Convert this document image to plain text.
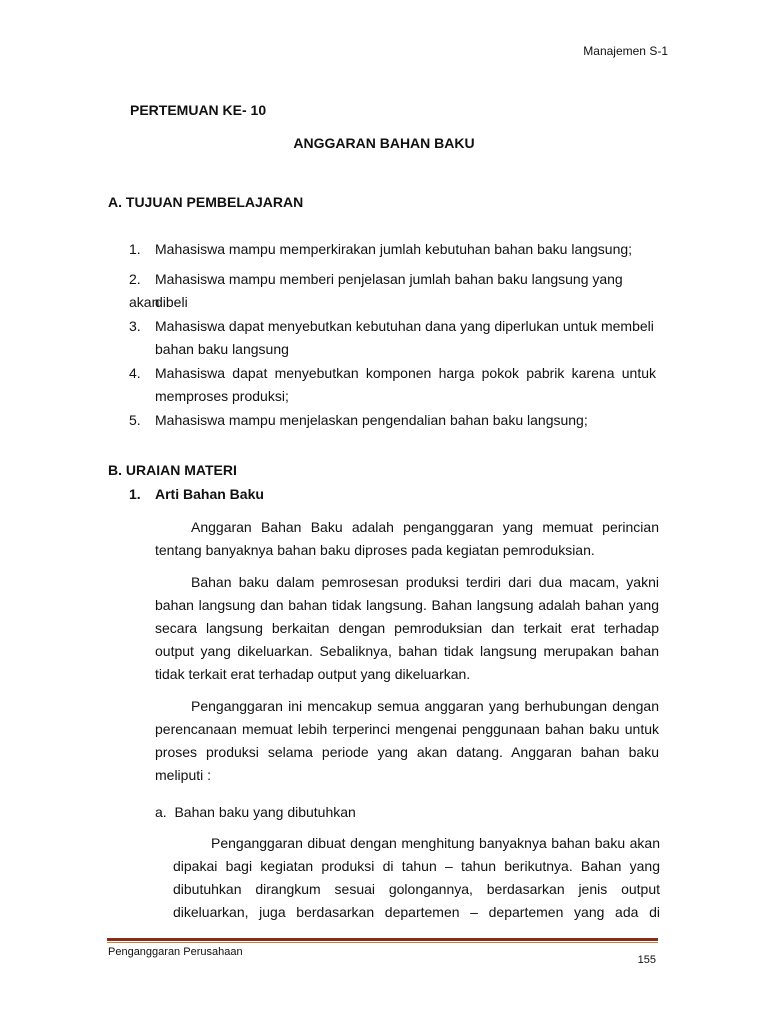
Manajemen S-1
PERTEMUAN KE- 10
ANGGARAN BAHAN BAKU
A. TUJUAN PEMBELAJARAN
1. Mahasiswa mampu memperkirakan jumlah kebutuhan bahan baku langsung;
2. Mahasiswa mampu memberi penjelasan jumlah bahan baku langsung yang akan
dibeli
3. Mahasiswa dapat menyebutkan kebutuhan dana yang diperlukan untuk membeli
bahan baku langsung
4.	Mahasiswa dapat menyebutkan komponen harga pokok pabrik karena untuk
memproses produksi;
5. Mahasiswa mampu menjelaskan pengendalian bahan baku langsung;
B. URAIAN MATERI
1. Arti Bahan Baku
Anggaran Bahan Baku adalah penganggaran yang memuat perincian
tentang banyaknya bahan baku diproses pada kegiatan pemroduksian.
Bahan baku dalam pemrosesan produksi terdiri dari dua macam, yakni
bahan langsung dan bahan tidak langsung. Bahan langsung adalah bahan yang
secara langsung berkaitan dengan pemroduksian dan terkait erat terhadap
output yang dikeluarkan. Sebaliknya, bahan tidak langsung merupakan bahan
tidak terkait erat terhadap output yang dikeluarkan.
Penganggaran ini mencakup semua anggaran yang berhubungan dengan
perencanaan memuat lebih terperinci mengenai penggunaan bahan baku untuk
proses produksi selama periode yang akan datang. Anggaran bahan baku
meliputi :
a.  Bahan baku yang dibutuhkan
Penganggaran dibuat dengan menghitung banyaknya bahan baku akan
dipakai bagi kegiatan produksi di tahun – tahun berikutnya. Bahan yang
dibutuhkan dirangkum sesuai golongannya, berdasarkan jenis output
dikeluarkan, juga berdasarkan departemen – departemen yang ada di
Penganggaran Perusahaan
155
